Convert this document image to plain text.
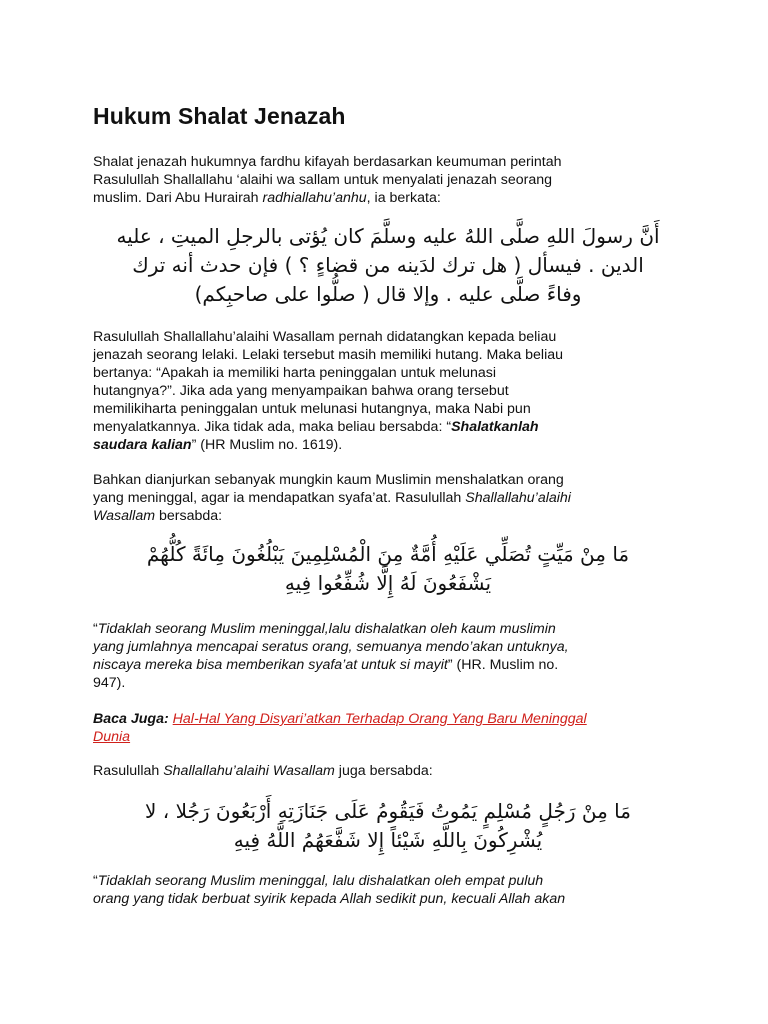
Hukum Shalat Jenazah

Shalat jenazah hukumnya fardhu kifayah berdasarkan keumuman perintah
Rasulullah Shallallahu ‘alaihi wa sallam untuk menyalati jenazah seorang
muslim. Dari Abu Hurairah radhiallahu’anhu, ia berkata:

أَنَّ رسولَ اللهِ صلَّى اللهُ عليه وسلَّمَ كان يُؤتى بالرجلِ الميتِ ، عليه
الدين . فيسأل ( هل ترك لدَينه من قضاءٍ ؟ ) فإن حدث أنه ترك
وفاءً صلَّى عليه . وإلا قال ( صلُّوا على صاحبِكم)

Rasulullah Shallallahu’alaihi Wasallam pernah didatangkan kepada beliau
jenazah seorang lelaki. Lelaki tersebut masih memiliki hutang. Maka beliau
bertanya: “Apakah ia memiliki harta peninggalan untuk melunasi
hutangnya?”. Jika ada yang menyampaikan bahwa orang tersebut
memilikiharta peninggalan untuk melunasi hutangnya, maka Nabi pun
menyalatkannya. Jika tidak ada, maka beliau bersabda: “Shalatkanlah
saudara kalian” (HR Muslim no. 1619).

Bahkan dianjurkan sebanyak mungkin kaum Muslimin menshalatkan orang
yang meninggal, agar ia mendapatkan syafa’at. Rasulullah Shallallahu’alaihi
Wasallam bersabda:

مَا مِنْ مَيِّتٍ تُصَلِّي عَلَيْهِ أُمَّةٌ مِنَ الْمُسْلِمِينَ يَبْلُغُونَ مِائَةً كُلُّهُمْ
يَشْفَعُونَ لَهُ إِلَّا شُفِّعُوا فِيهِ

“Tidaklah seorang Muslim meninggal,lalu dishalatkan oleh kaum muslimin
yang jumlahnya mencapai seratus orang, semuanya mendo’akan untuknya,
niscaya mereka bisa memberikan syafa’at untuk si mayit” (HR. Muslim no.
947).

Baca Juga: Hal-Hal Yang Disyari’atkan Terhadap Orang Yang Baru Meninggal
Dunia

Rasulullah Shallallahu’alaihi Wasallam juga bersabda:

مَا مِنْ رَجُلٍ مُسْلِمٍ يَمُوتُ فَيَقُومُ عَلَى جَنَازَتِهِ أَرْبَعُونَ رَجُلا ، لا
يُشْرِكُونَ بِاللَّهِ شَيْئاً إِلا شَفَّعَهُمُ اللَّهُ فِيهِ

“Tidaklah seorang Muslim meninggal, lalu dishalatkan oleh empat puluh
orang yang tidak berbuat syirik kepada Allah sedikit pun, kecuali Allah akan
